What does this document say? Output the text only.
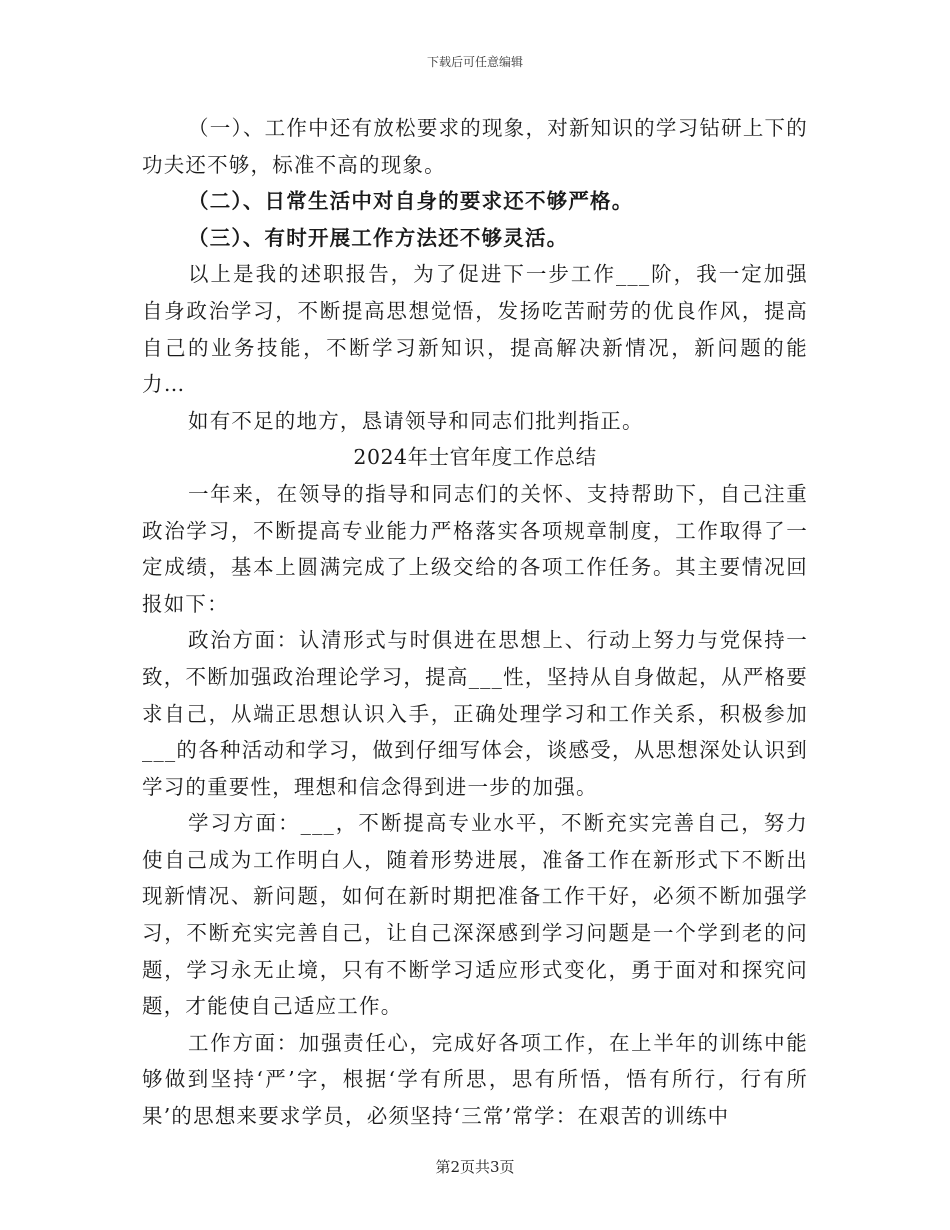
下载后可任意编辑

（一）、工作中还有放松要求的现象，对新知识的学习钻研上下的功夫还不够，标准不高的现象。

（二）、日常生活中对自身的要求还不够严格。

（三）、有时开展工作方法还不够灵活。

以上是我的述职报告，为了促进下一步工作___阶，我一定加强自身政治学习，不断提高思想觉悟，发扬吃苦耐劳的优良作风，提高自己的业务技能，不断学习新知识，提高解决新情况，新问题的能力…

如有不足的地方，恳请领导和同志们批判指正。

2024年士官年度工作总结

一年来，在领导的指导和同志们的关怀、支持帮助下，自己注重政治学习，不断提高专业能力严格落实各项规章制度，工作取得了一定成绩，基本上圆满完成了上级交给的各项工作任务。其主要情况回报如下：

政治方面：认清形式与时俱进在思想上、行动上努力与党保持一致，不断加强政治理论学习，提高___性，坚持从自身做起，从严格要求自己，从端正思想认识入手，正确处理学习和工作关系，积极参加___的各种活动和学习，做到仔细写体会，谈感受，从思想深处认识到学习的重要性，理想和信念得到进一步的加强。

学习方面：___，不断提高专业水平，不断充实完善自己，努力使自己成为工作明白人，随着形势进展，准备工作在新形式下不断出现新情况、新问题，如何在新时期把准备工作干好，必须不断加强学习，不断充实完善自己，让自己深深感到学习问题是一个学到老的问题，学习永无止境，只有不断学习适应形式变化，勇于面对和探究问题，才能使自己适应工作。

工作方面：加强责任心，完成好各项工作，在上半年的训练中能够做到坚持‘严’字，根据‘学有所思，思有所悟，悟有所行，行有所果’的思想来要求学员，必须坚持‘三常’常学：在艰苦的训练中

第2页共3页
